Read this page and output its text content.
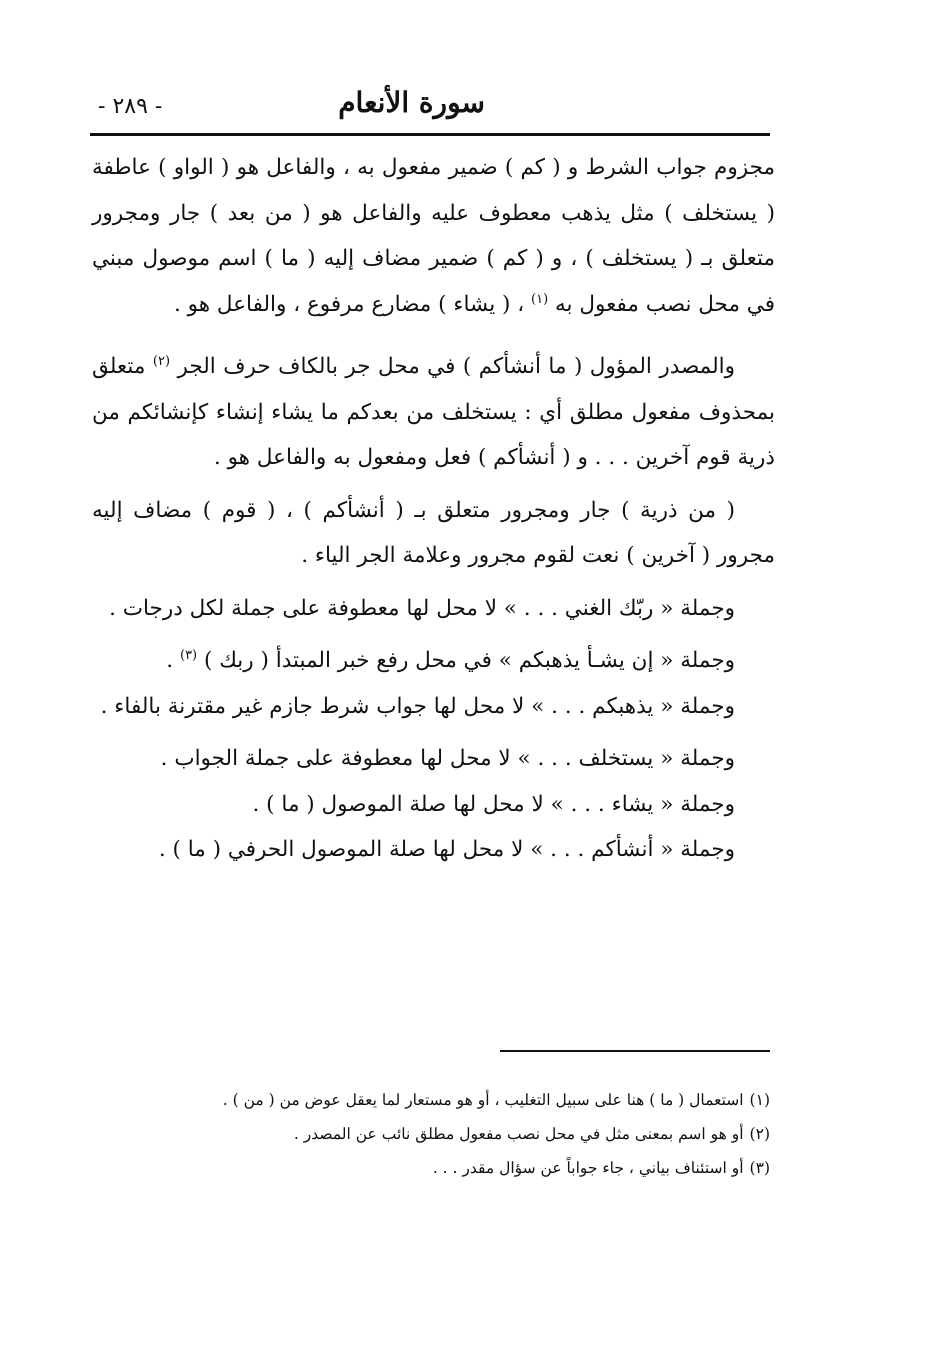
سورة الأنعام
- ٢٨٩ -

مجزوم جواب الشرط و ( كم ) ضمير مفعول به ، والفاعل هو ( الواو ) عاطفة ( يستخلف ) مثل يذهب معطوف عليه والفاعل هو ( من بعد ) جار ومجرور متعلق بـ ( يستخلف ) ، و ( كم ) ضمير مضاف إليه ( ما ) اسم موصول مبني في محل نصب مفعول به $^{(١)}$ ، ( يشاء ) مضارع مرفوع ، والفاعل هو .

والمصدر المؤول ( ما أنشأكم ) في محل جر بالكاف حرف الجر $^{(٢)}$ متعلق بمحذوف مفعول مطلق أي : يستخلف من بعدكم ما يشاء إنشاء كإنشائكم من ذرية قوم آخرين . . . و ( أنشأكم ) فعل ومفعول به والفاعل هو .

( من ذرية ) جار ومجرور متعلق بـ ( أنشأكم ) ، ( قوم ) مضاف إليه مجرور ( آخرين ) نعت لقوم مجرور وعلامة الجر الياء .

وجملة « ربّك الغني . . . » لا محل لها معطوفة على جملة لكل درجات .

وجملة « إن يشـأ يذهبكم » في محل رفع خبر المبتدأ ( ربك ) $^{(٣)}$ .

وجملة « يذهبكم . . . » لا محل لها جواب شرط جازم غير مقترنة بالفاء .

وجملة « يستخلف . . . » لا محل لها معطوفة على جملة الجواب .

وجملة « يشاء . . . » لا محل لها صلة الموصول ( ما ) .

وجملة « أنشأكم . . . » لا محل لها صلة الموصول الحرفي ( ما ) .

(١)استعمال ( ما ) هنا على سبيل التغليب ، أو هو مستعار لما يعقل عوض من ( من ) .

(٢)أو هو اسم بمعنى مثل في محل نصب مفعول مطلق نائب عن المصدر .

(٣)أو استئناف بياني ، جاء جواباً عن سؤال مقدر . . .
